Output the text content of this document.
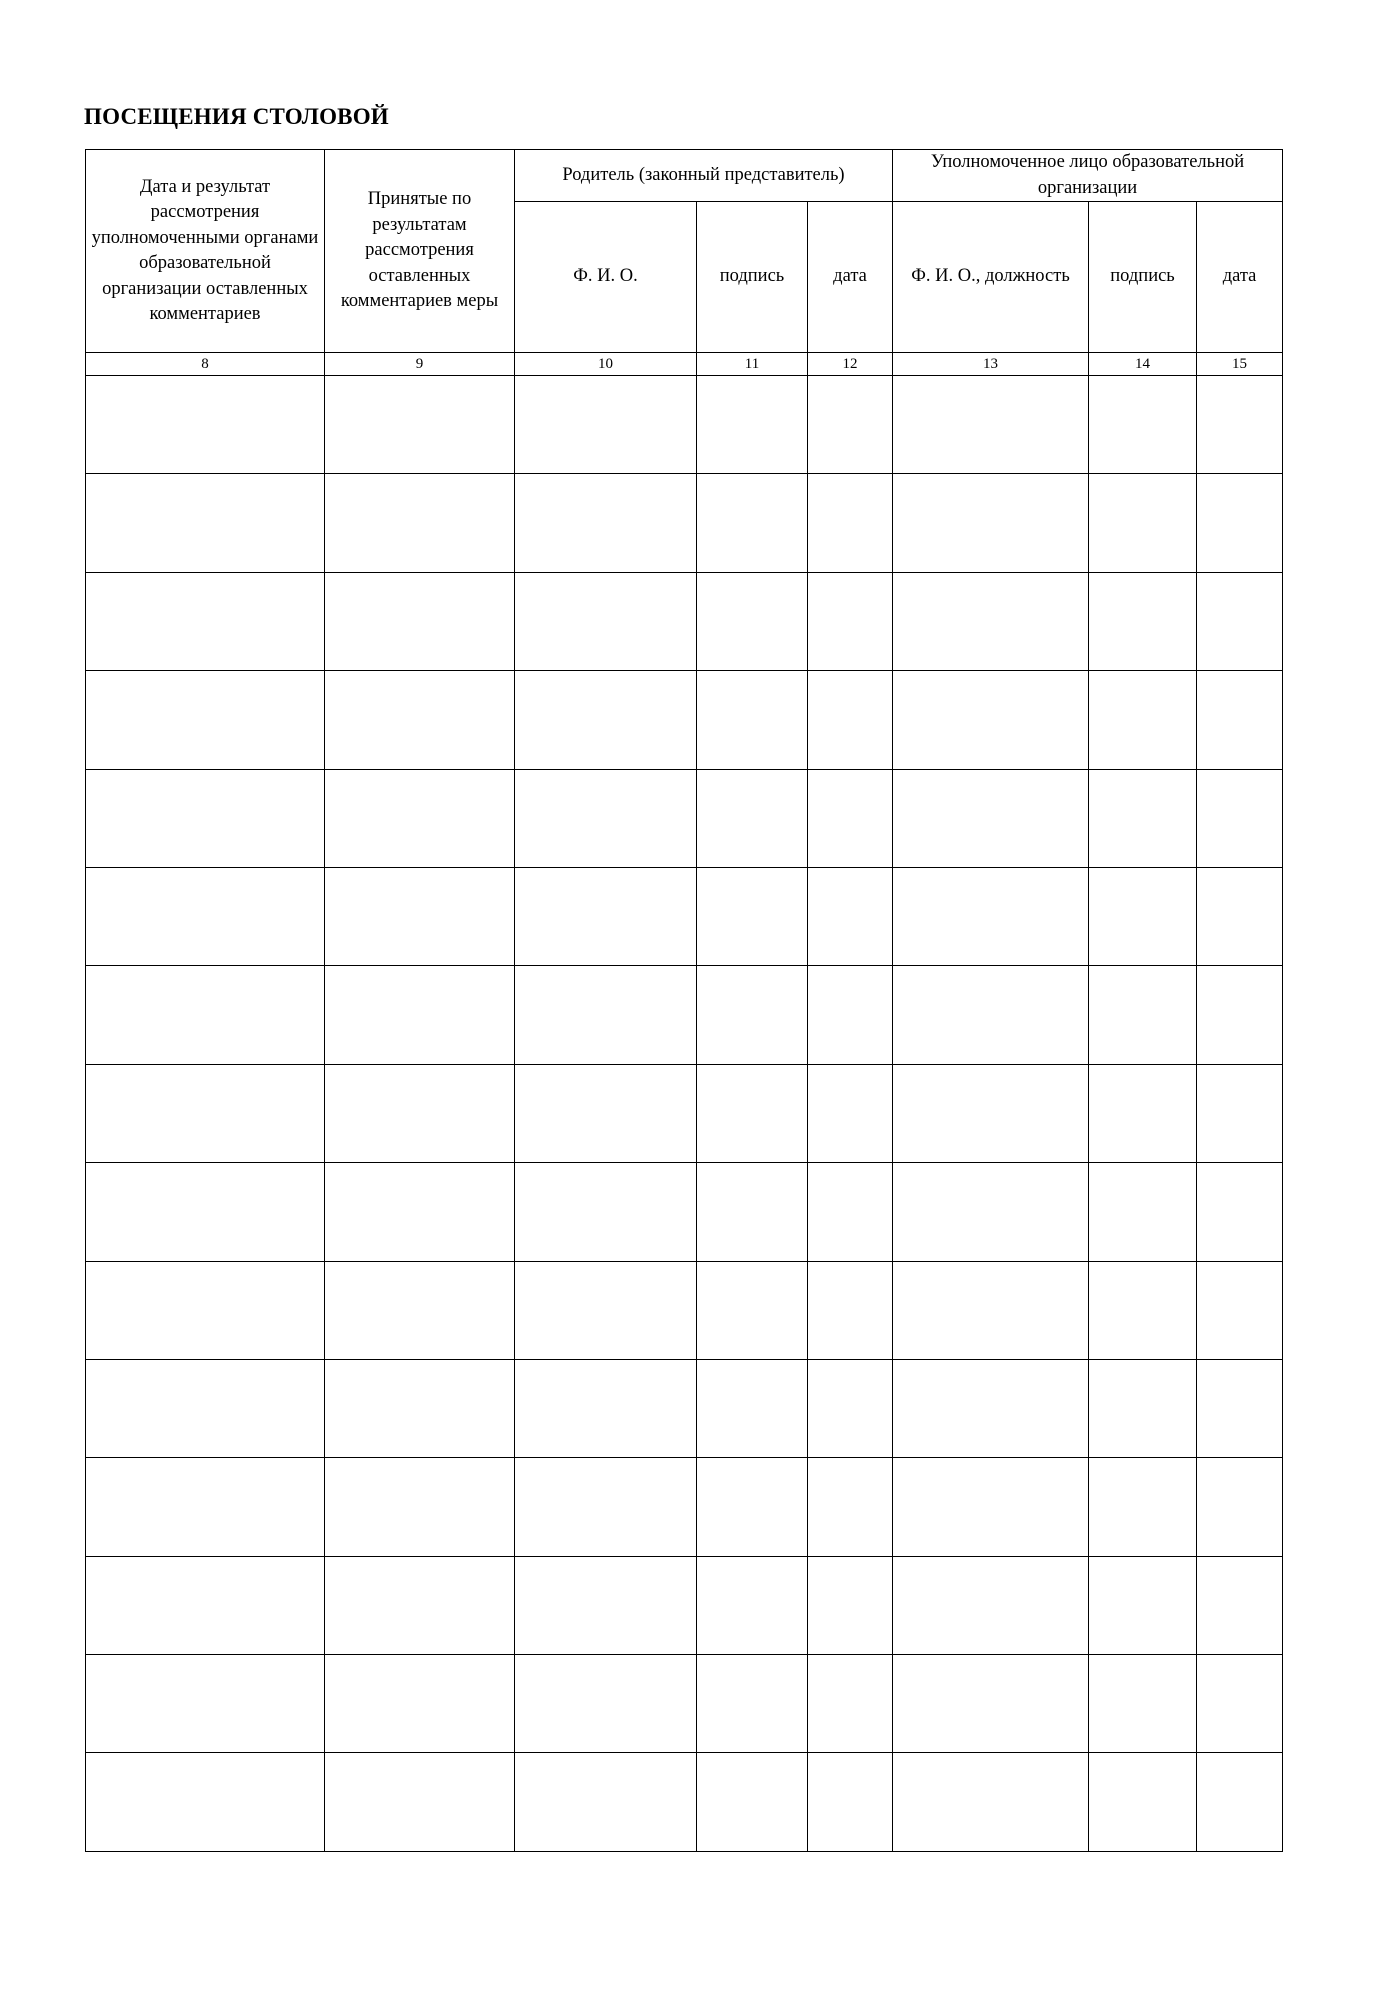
ПОСЕЩЕНИЯ СТОЛОВОЙ
Дата и результат рассмотрения уполномоченными органами образовательной организации оставленных комментариев	Принятые по результатам рассмотрения оставленных комментариев меры	Родитель (законный представитель)			Уполномоченное лицо образовательной организации		

		Ф. И. О.	подпись	дата	Ф. И. О., должность	подпись	дата

8	9	10	11	12	13	14	15
